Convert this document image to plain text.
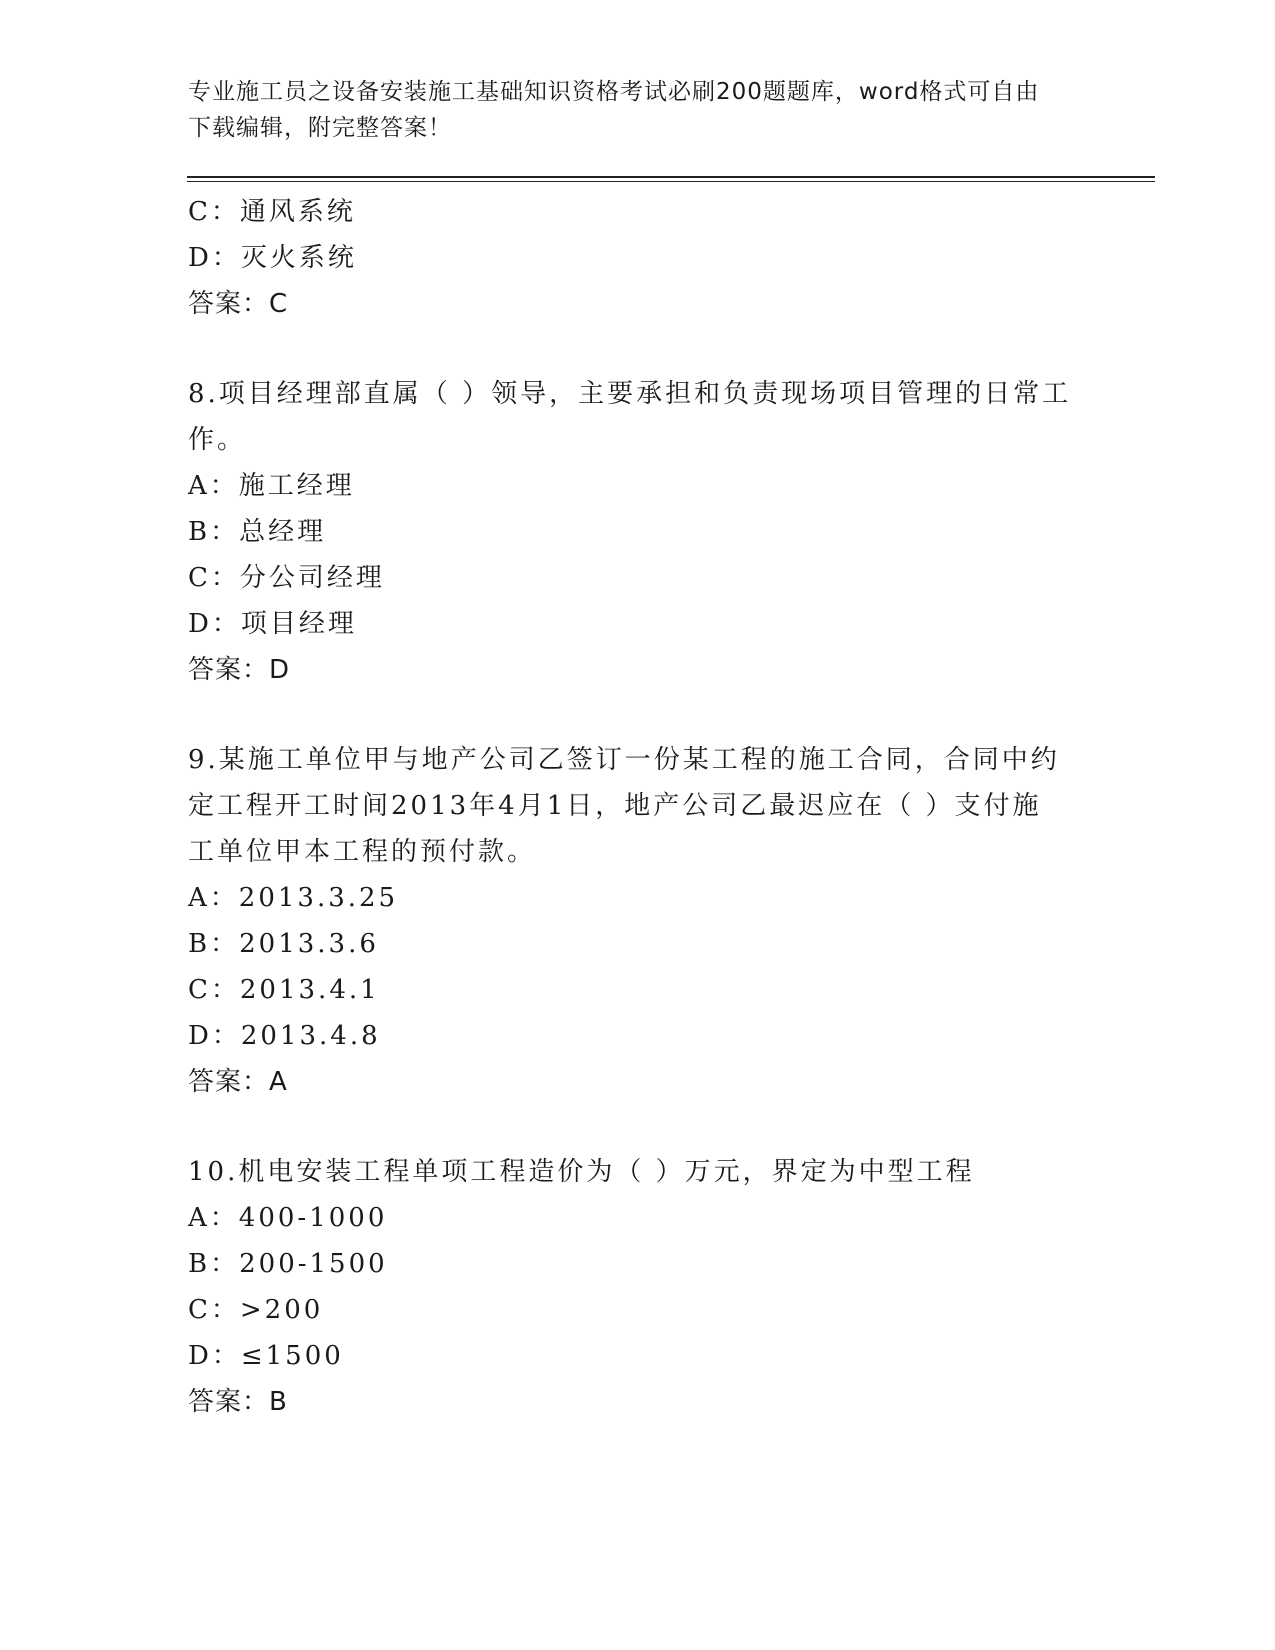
专业施工员之设备安装施工基础知识资格考试必刷200题题库，word格式可自由
下载编辑，附完整答案！
C：通风系统
D：灭火系统
答案：C
8.项目经理部直属（ ）领导，主要承担和负责现场项目管理的日常工
作。
A：施工经理
B：总经理
C：分公司经理
D：项目经理
答案：D
9.某施工单位甲与地产公司乙签订一份某工程的施工合同，合同中约
定工程开工时间2013年4月1日，地产公司乙最迟应在（ ）支付施
工单位甲本工程的预付款。
A：2013.3.25
B：2013.3.6
C：2013.4.1
D：2013.4.8
答案：A
10.机电安装工程单项工程造价为（ ）万元，界定为中型工程
A：400-1000
B：200-1500
C：>200
D：≤1500
答案：B
